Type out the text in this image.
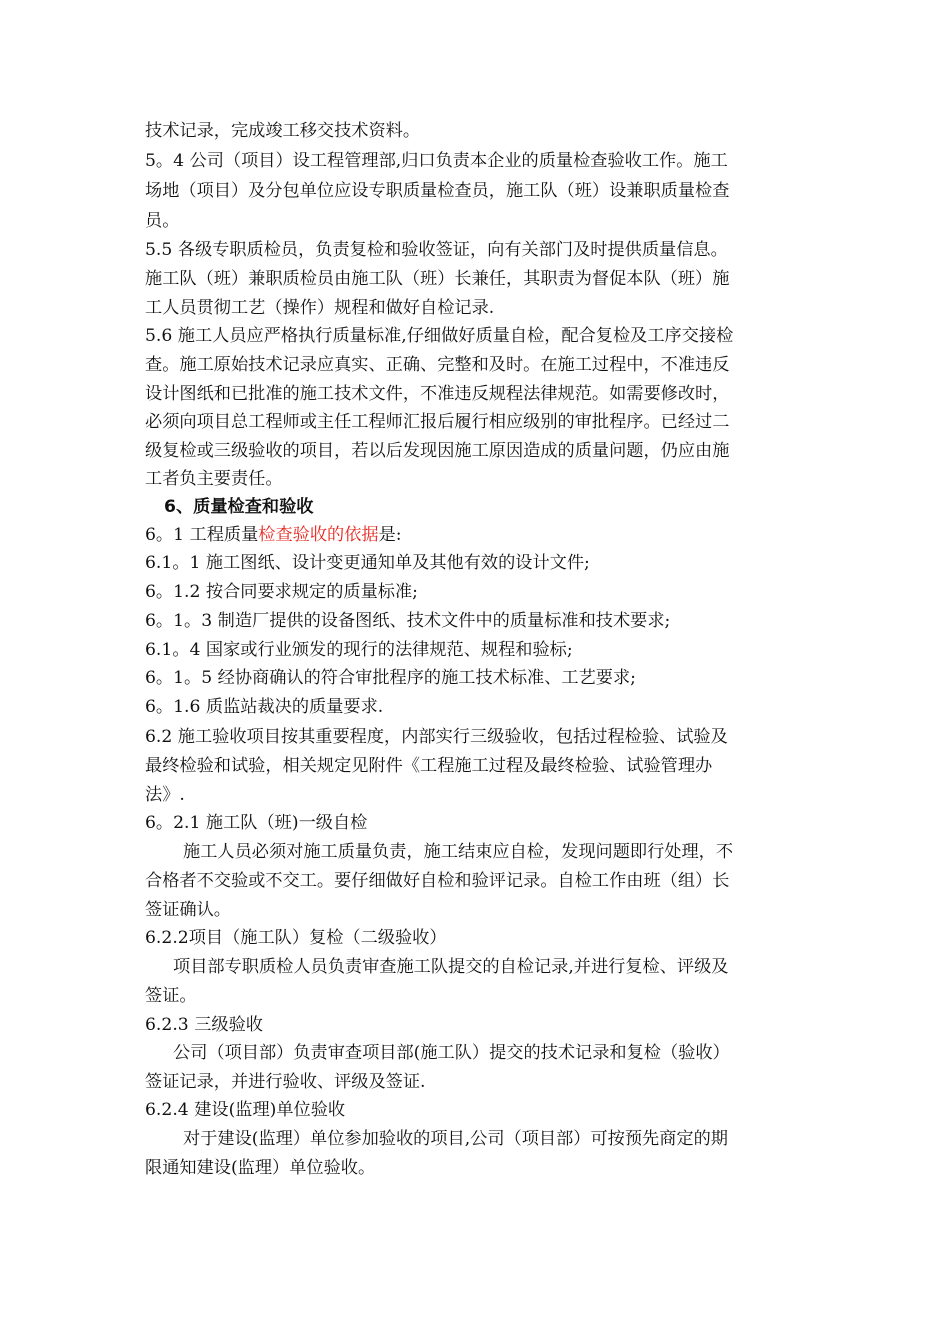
技术记录，完成竣工移交技术资料。
5。4 公司（项目）设工程管理部,归口负责本企业的质量检查验收工作。施工
场地（项目）及分包单位应设专职质量检查员，施工队（班）设兼职质量检查
员。
5.5 各级专职质检员，负责复检和验收签证，向有关部门及时提供质量信息。
施工队（班）兼职质检员由施工队（班）长兼任，其职责为督促本队（班）施
工人员贯彻工艺（操作）规程和做好自检记录.
5.6 施工人员应严格执行质量标准,仔细做好质量自检，配合复检及工序交接检
查。施工原始技术记录应真实、正确、完整和及时。在施工过程中，不准违反
设计图纸和已批准的施工技术文件，不准违反规程法律规范。如需要修改时，
必须向项目总工程师或主任工程师汇报后履行相应级别的审批程序。已经过二
级复检或三级验收的项目，若以后发现因施工原因造成的质量问题，仍应由施
工者负主要责任。
6、质量检查和验收
6。1 工程质量检查验收的依据是:
6.1。1 施工图纸、设计变更通知单及其他有效的设计文件;
6。1.2 按合同要求规定的质量标准;
6。1。3 制造厂提供的设备图纸、技术文件中的质量标准和技术要求;
6.1。4 国家或行业颁发的现行的法律规范、规程和验标;
6。1。5 经协商确认的符合审批程序的施工技术标准、工艺要求;
6。1.6 质监站裁决的质量要求.
6.2 施工验收项目按其重要程度，内部实行三级验收，包括过程检验、试验及
最终检验和试验，相关规定见附件《工程施工过程及最终检验、试验管理办
法》.
6。2.1 施工队（班)一级自检
施工人员必须对施工质量负责，施工结束应自检，发现问题即行处理，不
合格者不交验或不交工。要仔细做好自检和验评记录。自检工作由班（组）长
签证确认。
6.2.2项目（施工队）复检（二级验收）
项目部专职质检人员负责审查施工队提交的自检记录,并进行复检、评级及
签证。
6.2.3 三级验收
公司（项目部）负责审查项目部(施工队）提交的技术记录和复检（验收）
签证记录，并进行验收、评级及签证.
6.2.4 建设(监理)单位验收
对于建设(监理）单位参加验收的项目,公司（项目部）可按预先商定的期
限通知建设(监理）单位验收。
